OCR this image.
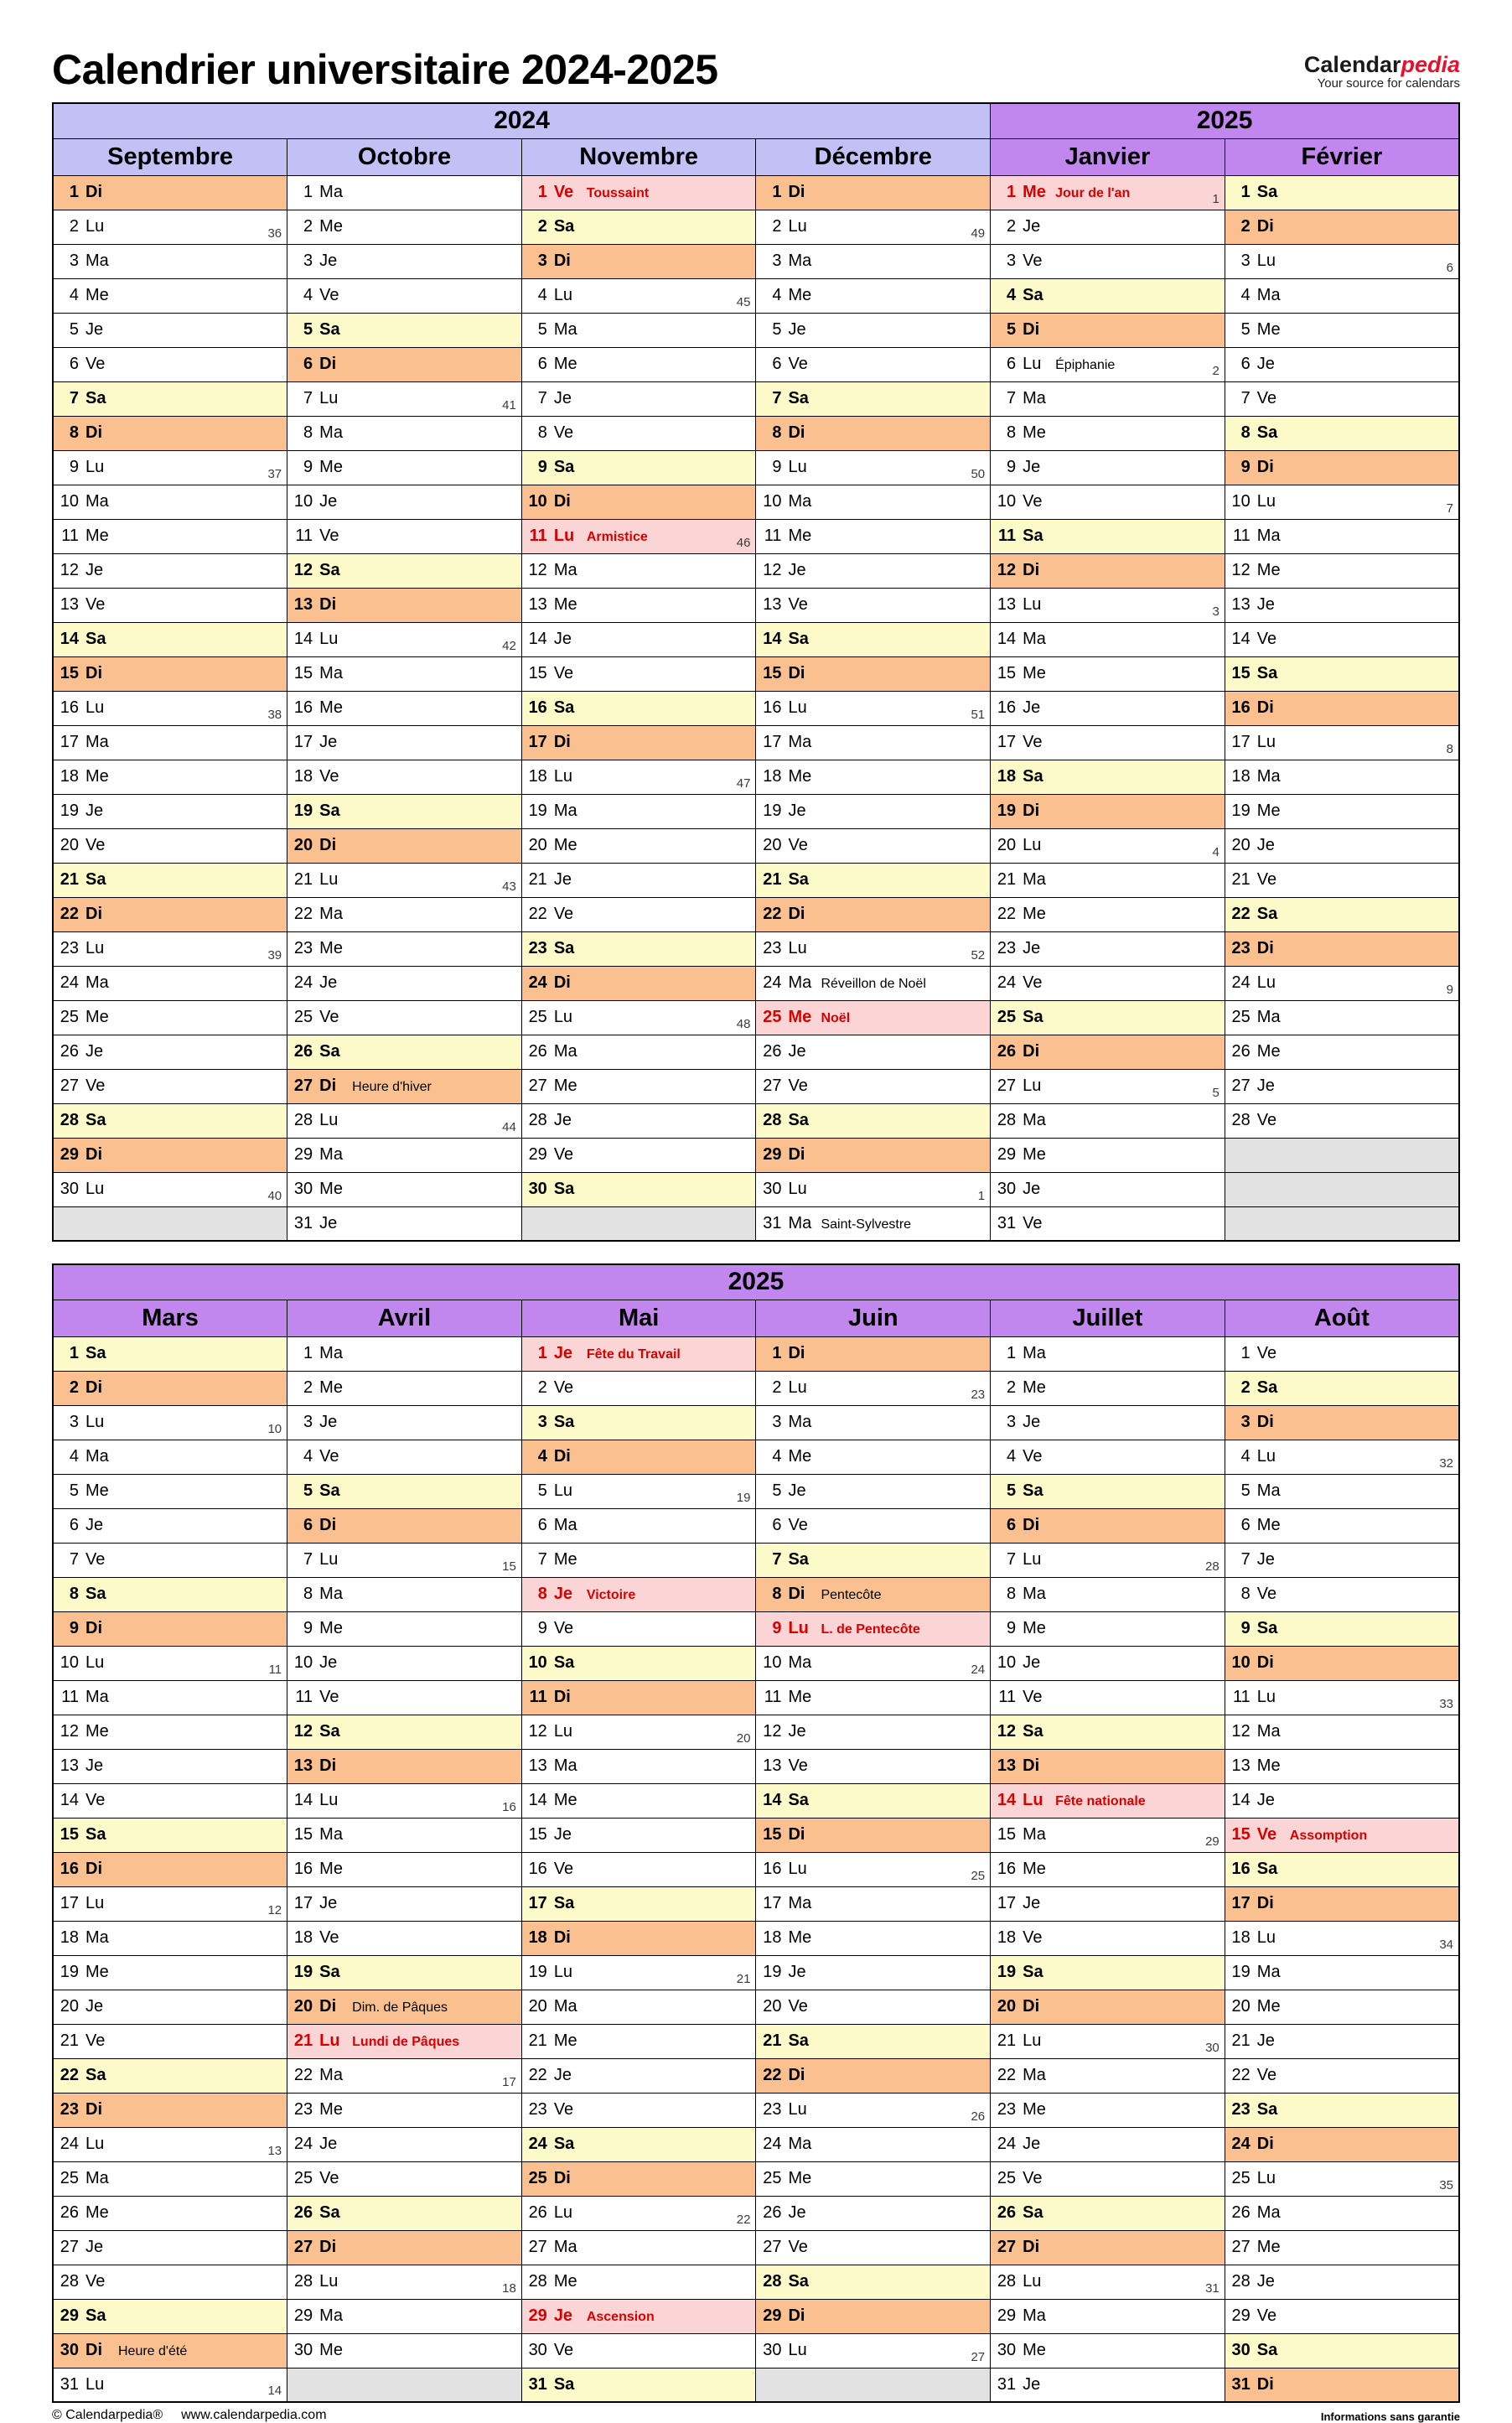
Calendrier universitaire 2024-2025	Calendarpedia
Your source for calendars
2024				2025	
Septembre	Octobre	Novembre	Décembre	Janvier	Février
1 Di	1 Ma	1 Ve Toussaint	1 Di	1 Me Jour de l'an 1	1 Sa
2 Lu 36	2 Me	2 Sa	2 Lu 49	2 Je	2 Di
3 Ma	3 Je	3 Di	3 Ma	3 Ve	3 Lu 6

4 Me	4 Ve	4 Lu 45	4 Me	4 Sa	4 Ma
5 Je	5 Sa	5 Ma	5 Je	5 Di	5 Me
6 Ve	6 Di	6 Me	6 Ve	6 Lu Épiphanie 2	6 Je
7 Sa	7 Lu 41	7 Je	7 Sa	7 Ma	7 Ve
8 Di	8 Ma	8 Ve	8 Di	8 Me	8 Sa
9 Lu 37	9 Me	9 Sa	9 Lu 50	9 Je	9 Di
10 Ma	10 Je	10 Di	10 Ma	10 Ve	10 Lu 7

11 Me	11 Ve	11 Lu Armistice 46	11 Me	11 Sa	11 Ma
12 Je	12 Sa	12 Ma	12 Je	12 Di	12 Me
13 Ve	13 Di	13 Me	13 Ve	13 Lu 3	13 Je
14 Sa	14 Lu 42	14 Je	14 Sa	14 Ma	14 Ve
15 Di	15 Ma	15 Ve	15 Di	15 Me	15 Sa
16 Lu 38	16 Me	16 Sa	16 Lu 51	16 Je	16 Di
17 Ma	17 Je	17 Di	17 Ma	17 Ve	17 Lu 8

18 Me	18 Ve	18 Lu 47	18 Me	18 Sa	18 Ma
19 Je	19 Sa	19 Ma	19 Je	19 Di	19 Me
20 Ve	20 Di	20 Me	20 Ve	20 Lu 4	20 Je
21 Sa	21 Lu 43	21 Je	21 Sa	21 Ma	21 Ve
22 Di	22 Ma	22 Ve	22 Di	22 Me	22 Sa
23 Lu 39	23 Me	23 Sa	23 Lu 52	23 Je	23 Di
24 Ma	24 Je	24 Di	24 Ma Réveillon de Noël	24 Ve	24 Lu 9

25 Me	25 Ve	25 Lu 48	25 Me Noël	25 Sa	25 Ma
26 Je	26 Sa	26 Ma	26 Je	26 Di	26 Me
27 Ve	27 Di Heure d'hiver	27 Me	27 Ve	27 Lu 5	27 Je
28 Sa	28 Lu 44	28 Je	28 Sa	28 Ma	28 Ve
29 Di	29 Ma	29 Ve	29 Di	29 Me	
30 Lu 40	30 Me	30 Sa	30 Lu 1	30 Je	
	31 Je		31 Ma Saint-Sylvestre	31 Ve	
2025					
Mars	Avril	Mai	Juin	Juillet	Août
1 Sa	1 Ma	1 Je Fête du Travail	1 Di	1 Ma	1 Ve
2 Di	2 Me	2 Ve	2 Lu 23	2 Me	2 Sa
3 Lu 10	3 Je	3 Sa	3 Ma	3 Je	3 Di
4 Ma	4 Ve	4 Di	4 Me	4 Ve	4 Lu 32

5 Me	5 Sa	5 Lu 19	5 Je	5 Sa	5 Ma
6 Je	6 Di	6 Ma	6 Ve	6 Di	6 Me
7 Ve	7 Lu 15	7 Me	7 Sa	7 Lu 28	7 Je
8 Sa	8 Ma	8 Je Victoire	8 Di Pentecôte	8 Ma	8 Ve
9 Di	9 Me	9 Ve	9 Lu L. de Pentecôte	9 Me	9 Sa
10 Lu 11	10 Je	10 Sa	10 Ma 24	10 Je	10 Di
11 Ma	11 Ve	11 Di	11 Me	11 Ve	11 Lu 33

12 Me	12 Sa	12 Lu 20	12 Je	12 Sa	12 Ma
13 Je	13 Di	13 Ma	13 Ve	13 Di	13 Me
14 Ve	14 Lu 16	14 Me	14 Sa	14 Lu Fête nationale	14 Je
15 Sa	15 Ma	15 Je	15 Di	15 Ma 29	15 Ve Assomption
16 Di	16 Me	16 Ve	16 Lu 25	16 Me	16 Sa
17 Lu 12	17 Je	17 Sa	17 Ma	17 Je	17 Di
18 Ma	18 Ve	18 Di	18 Me	18 Ve	18 Lu 34

19 Me	19 Sa	19 Lu 21	19 Je	19 Sa	19 Ma
20 Je	20 Di Dim. de Pâques	20 Ma	20 Ve	20 Di	20 Me
21 Ve	21 Lu Lundi de Pâques	21 Me	21 Sa	21 Lu 30	21 Je
22 Sa	22 Ma 17	22 Je	22 Di	22 Ma	22 Ve
23 Di	23 Me	23 Ve	23 Lu 26	23 Me	23 Sa
24 Lu 13	24 Je	24 Sa	24 Ma	24 Je	24 Di
25 Ma	25 Ve	25 Di	25 Me	25 Ve	25 Lu 35

26 Me	26 Sa	26 Lu 22	26 Je	26 Sa	26 Ma
27 Je	27 Di	27 Ma	27 Ve	27 Di	27 Me
28 Ve	28 Lu 18	28 Me	28 Sa	28 Lu 31	28 Je
29 Sa	29 Ma	29 Je Ascension	29 Di	29 Ma	29 Ve
30 Di Heure d'été	30 Me	30 Ve	30 Lu 27	30 Me	30 Sa
31 Lu 14		31 Sa		31 Je	31 Di
© Calendarpedia® www.calendarpedia.com	Informations sans garantie
